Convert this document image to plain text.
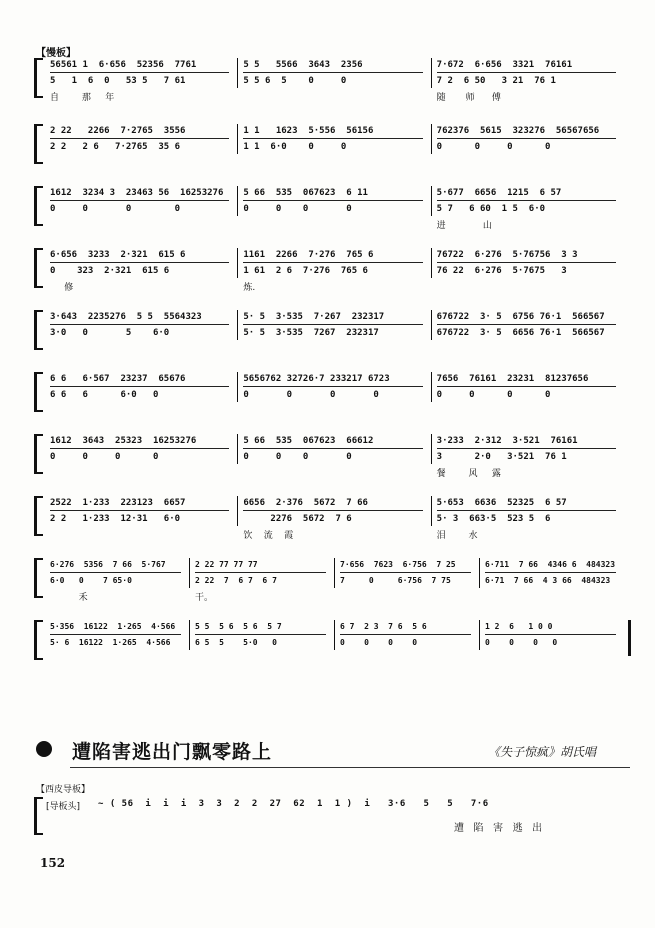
【慢板】
56561 1  6·656  52356  7761
5   1  6  0   53 5   7 61
自        那     年
5 5   5566  3643  2356
5 5 6  5    0     0
7·672  6·656  3321  76161
7 2  6 50   3 21  76 1
随       师      傅
2 22   2266  7·2765  3556
2 2   2 6   7·2765  35 6
1 1   1623  5·556  56156
1 1  6·0    0     0
762376  5615  323276  56567656
0      0     0      0
1612  3234 3  23463 56  16253276
0     0       0        0
5 66  535  067623  6 11
0     0    0       0
5·677  6656  1215  6 57
5 7   6 60  1 5  6·0
进             山
6·656  3233  2·321  615 6
0    323  2·321  615 6
修
1161  2266  7·276  765 6
1 61  2 6  7·276  765 6
炼.
76722  6·276  5·76756  3 3
76 22  6·276  5·7675   3
3·643  2235276  5 5  5564323
3·0   0       5    6·0
5· 5  3·535  7·267  232317
5· 5  3·535  7267  232317
676722  3· 5  6756 76·1  566567
676722  3· 5  6656 76·1  566567
6 6   6·567  23237  65676
6 6   6      6·0   0
5656762 32726·7 233217 6723
0       0       0       0
7656  76161  23231  81237656
0     0      0      0
1612  3643  25323  16253276
0     0     0      0
5 66  535  067623  66612
0     0    0       0
3·233  2·312  3·521  76161
3      2·0   3·521  76 1
餐        风     露
2522  1·233  223123  6657
2 2   1·233  12·31   6·0
6656  2·376  5672  7 66
2276  5672  7 6
饮    流    霞
5·653  6636  52325  6 57
5· 3  663·5  523 5  6
泪        水
6·276  5356  7 66  5·767
6·0   0    7 65·0
禾
2 22 77 77 77
2 22  7  6 7  6 7
干。
7·656  7623  6·756  7 25
7     0     6·756  7 75
6·711  7 66  4346 6  484323
6·71  7 66  4 3 66  484323
5·356  16122  1·265  4·566
5· 6  16122  1·265  4·566
5 5  5 6  5 6  5 7
6 5  5    5·0   0
6 7  2 3  7 6  5 6
0    0    0    0
1 2  6   1 0 0
0    0    0   0
遭陷害逃出门飘零路上	《失子惊疯》胡氏唱
【西皮导板】
[导板头] ~ ( 56  i  i  i  3  3  2  2  27  62  1  1 )  i   3·6   5   5   7·6
遭   陷   害   逃   出
152
